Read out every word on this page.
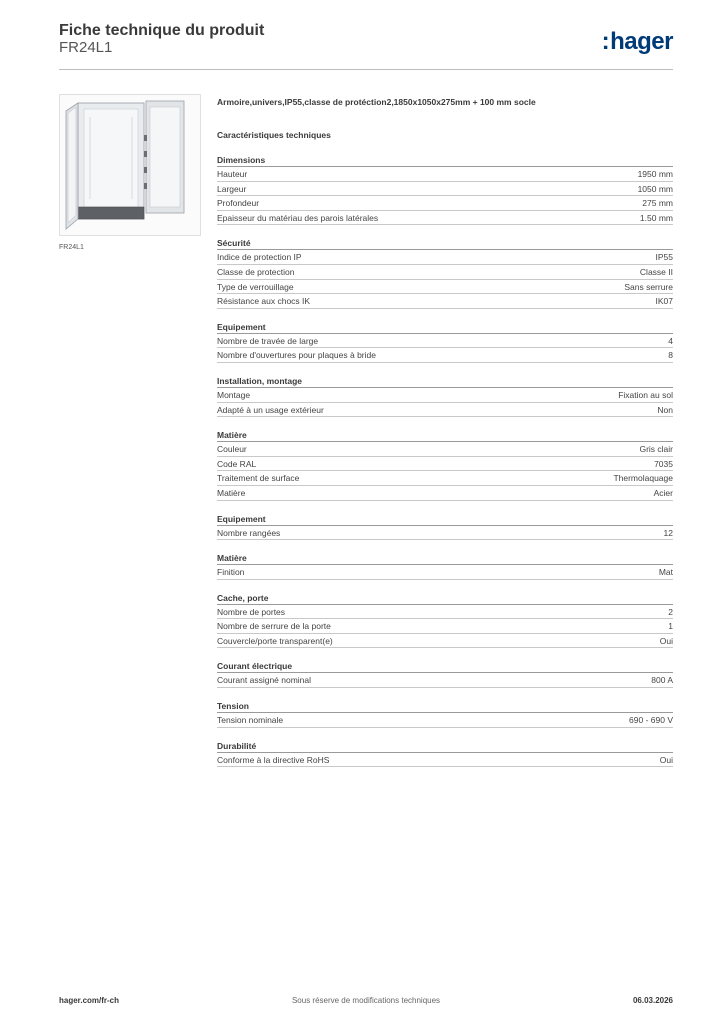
Fiche technique du produit
FR24L1	:hager
FR24L1
Armoire,univers,IP55,classe de protéction2,1850x1050x275mm + 100 mm socle
Caractéristiques techniques
Dimensions
Hauteur	1950 mm
Largeur	1050 mm
Profondeur	275 mm
Epaisseur du matériau des parois latérales	1.50 mm
Sécurité
Indice de protection IP	IP55
Classe de protection	Classe II
Type de verrouillage	Sans serrure
Résistance aux chocs IK	IK07
Equipement
Nombre de travée de large	4
Nombre d'ouvertures pour plaques à bride	8
Installation, montage
Montage	Fixation au sol
Adapté à un usage extérieur	Non
Matière
Couleur	Gris clair
Code RAL	7035
Traitement de surface	Thermolaquage
Matière	Acier
Equipement
Nombre rangées	12
Matière
Finition	Mat
Cache, porte
Nombre de portes	2
Nombre de serrure de la porte	1
Couvercle/porte transparent(e)	Oui
Courant électrique
Courant assigné nominal	800 A
Tension
Tension nominale	690 - 690 V
Durabilité
Conforme à la directive RoHS	Oui
hager.com/fr-ch	Sous réserve de modifications techniques	06.03.2026
